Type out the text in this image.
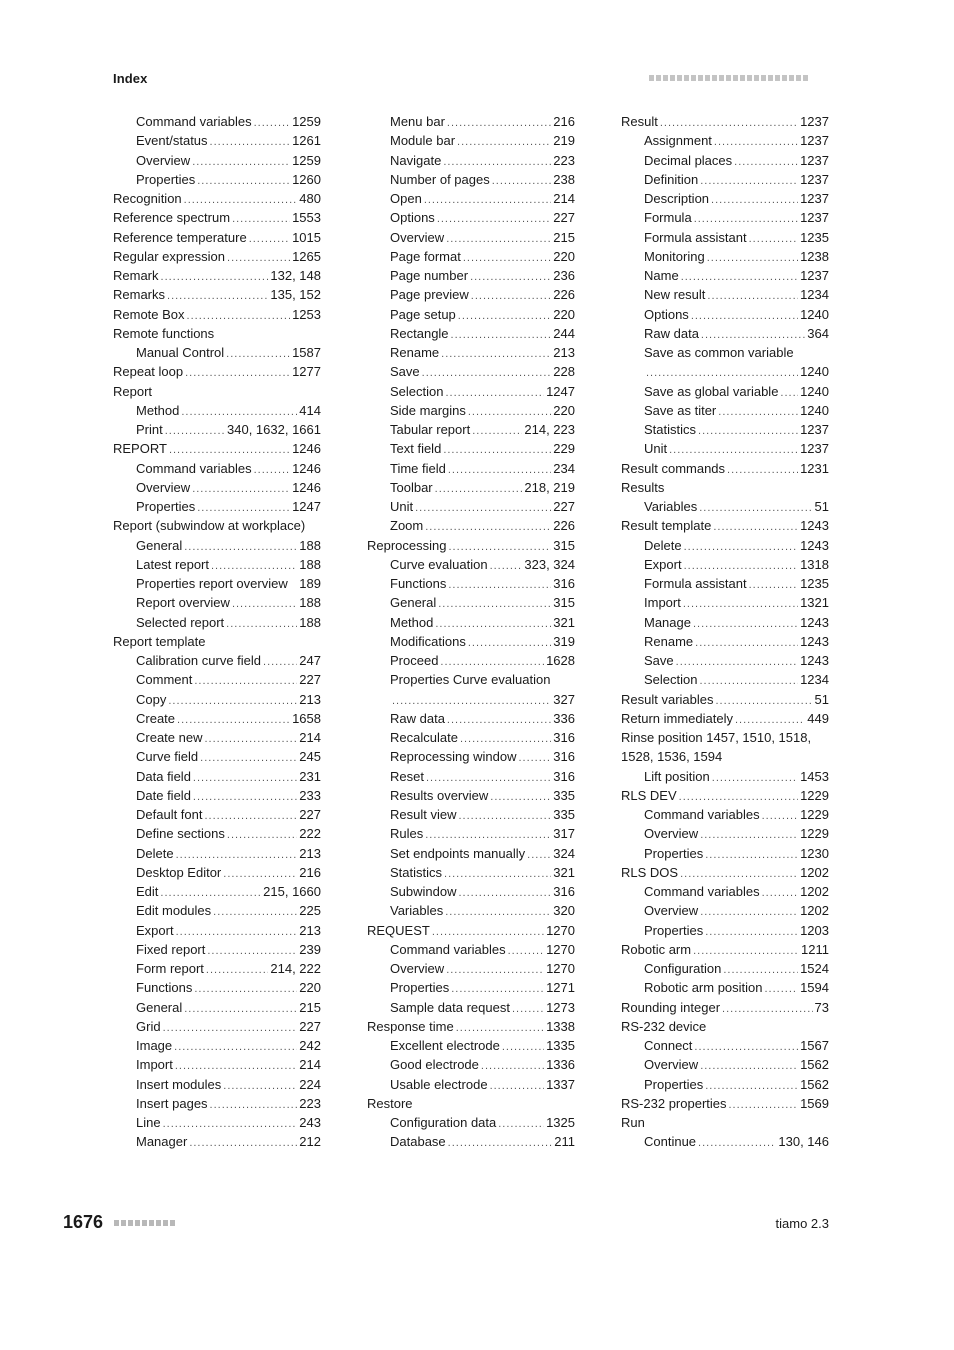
Index
Command variables .....	1259
Event/status .....	1261
Overview .....	1259
Properties .....	1260
Recognition .....	480
Reference spectrum .....	1553
Reference temperature .....	1015
Regular expression .....	1265
Remark .....	132, 148
Remarks .....	135, 152
Remote Box .....	1253
Remote functions
Manual Control .....	1587
Repeat loop .....	1277
Report
Method .....	414
Print .....	340, 1632, 1661
REPORT .....	1246
Command variables .....	1246
Overview .....	1246
Properties .....	1247
Report (subwindow at workplace)
General .....	188
Latest report .....	188
Properties report overview 189
Report overview .....	188
Selected report .....	188
Report template
Calibration curve field .....	247
Comment .....	227
Copy .....	213
Create .....	1658
Create new .....	214
Curve field .....	245
Data field .....	231
Date field .....	233
Default font .....	227
Define sections .....	222
Delete .....	213
Desktop Editor .....	216
Edit .....	215, 1660
Edit modules .....	225
Export .....	213
Fixed report .....	239
Form report .....	214, 222
Functions .....	220
General .....	215
Grid .....	227
Image .....	242
Import .....	214
Insert modules .....	224
Insert pages .....	223
Line .....	243
Manager .....	212
Menu bar .....	216
Module bar .....	219
Navigate .....	223
Number of pages .....	238
Open .....	214
Options .....	227
Overview .....	215
Page format .....	220
Page number .....	236
Page preview .....	226
Page setup .....	220
Rectangle .....	244
Rename .....	213
Save .....	228
Selection .....	1247
Side margins .....	220
Tabular report .....	214, 223
Text field .....	229
Time field .....	234
Toolbar .....	218, 219
Unit .....	227
Zoom .....	226
Reprocessing .....	315
Curve evaluation .....	323, 324
Functions .....	316
General .....	315
Method .....	321
Modifications .....	319
Proceed .....	1628
Properties Curve evaluation
.....
327
Raw data .....	336
Recalculate .....	316
Reprocessing window .....	316
Reset .....	316
Results overview .....	335
Result view .....	335
Rules .....	317
Set endpoints manually ..... 324
Statistics .....	321
Subwindow .....	316
Variables .....	320
REQUEST .....	1270
Command variables .....	1270
Overview .....	1270
Properties .....	1271
Sample data request .....	1273
Response time .....	1338
Excellent electrode .....	1335
Good electrode .....	1336
Usable electrode .....	1337
Restore
Configuration data .....	1325
Database .....	211
Result .....	1237
Assignment .....	1237
Decimal places .....	1237
Definition .....	1237
Description .....	1237
Formula .....	1237
Formula assistant .....	1235
Monitoring .....	1238
Name .....	1237
New result .....	1234
Options .....	1240
Raw data .....	364
Save as common variable
.....
1240
Save as global variable ..... 1240
Save as titer .....	1240
Statistics .....	1237
Unit .....	1237
Result commands .....	1231
Results
Variables .....	51
Result template .....	1243
Delete .....	1243
Export .....	1318
Formula assistant .....	1235
Import .....	1321
Manage .....	1243
Rename .....	1243
Save .....	1243
Selection .....	1234
Result variables .....	51
Return immediately .....	449
Rinse position 1457, 1510, 1518,
1528, 1536, 1594
Lift position .....	1453
RLS DEV .....	1229
Command variables .....	1229
Overview .....	1229
Properties .....	1230
RLS DOS .....	1202
Command variables .....	1202
Overview .....	1202
Properties .....	1203
Robotic arm .....	1211
Configuration .....	1524
Robotic arm position .....	1594
Rounding integer .....	73
RS-232 device
Connect .....	1567
Overview .....	1562
Properties .....	1562
RS-232 properties .....	1569
Run
Continue .....	130, 146
1676	tiamo 2.3
